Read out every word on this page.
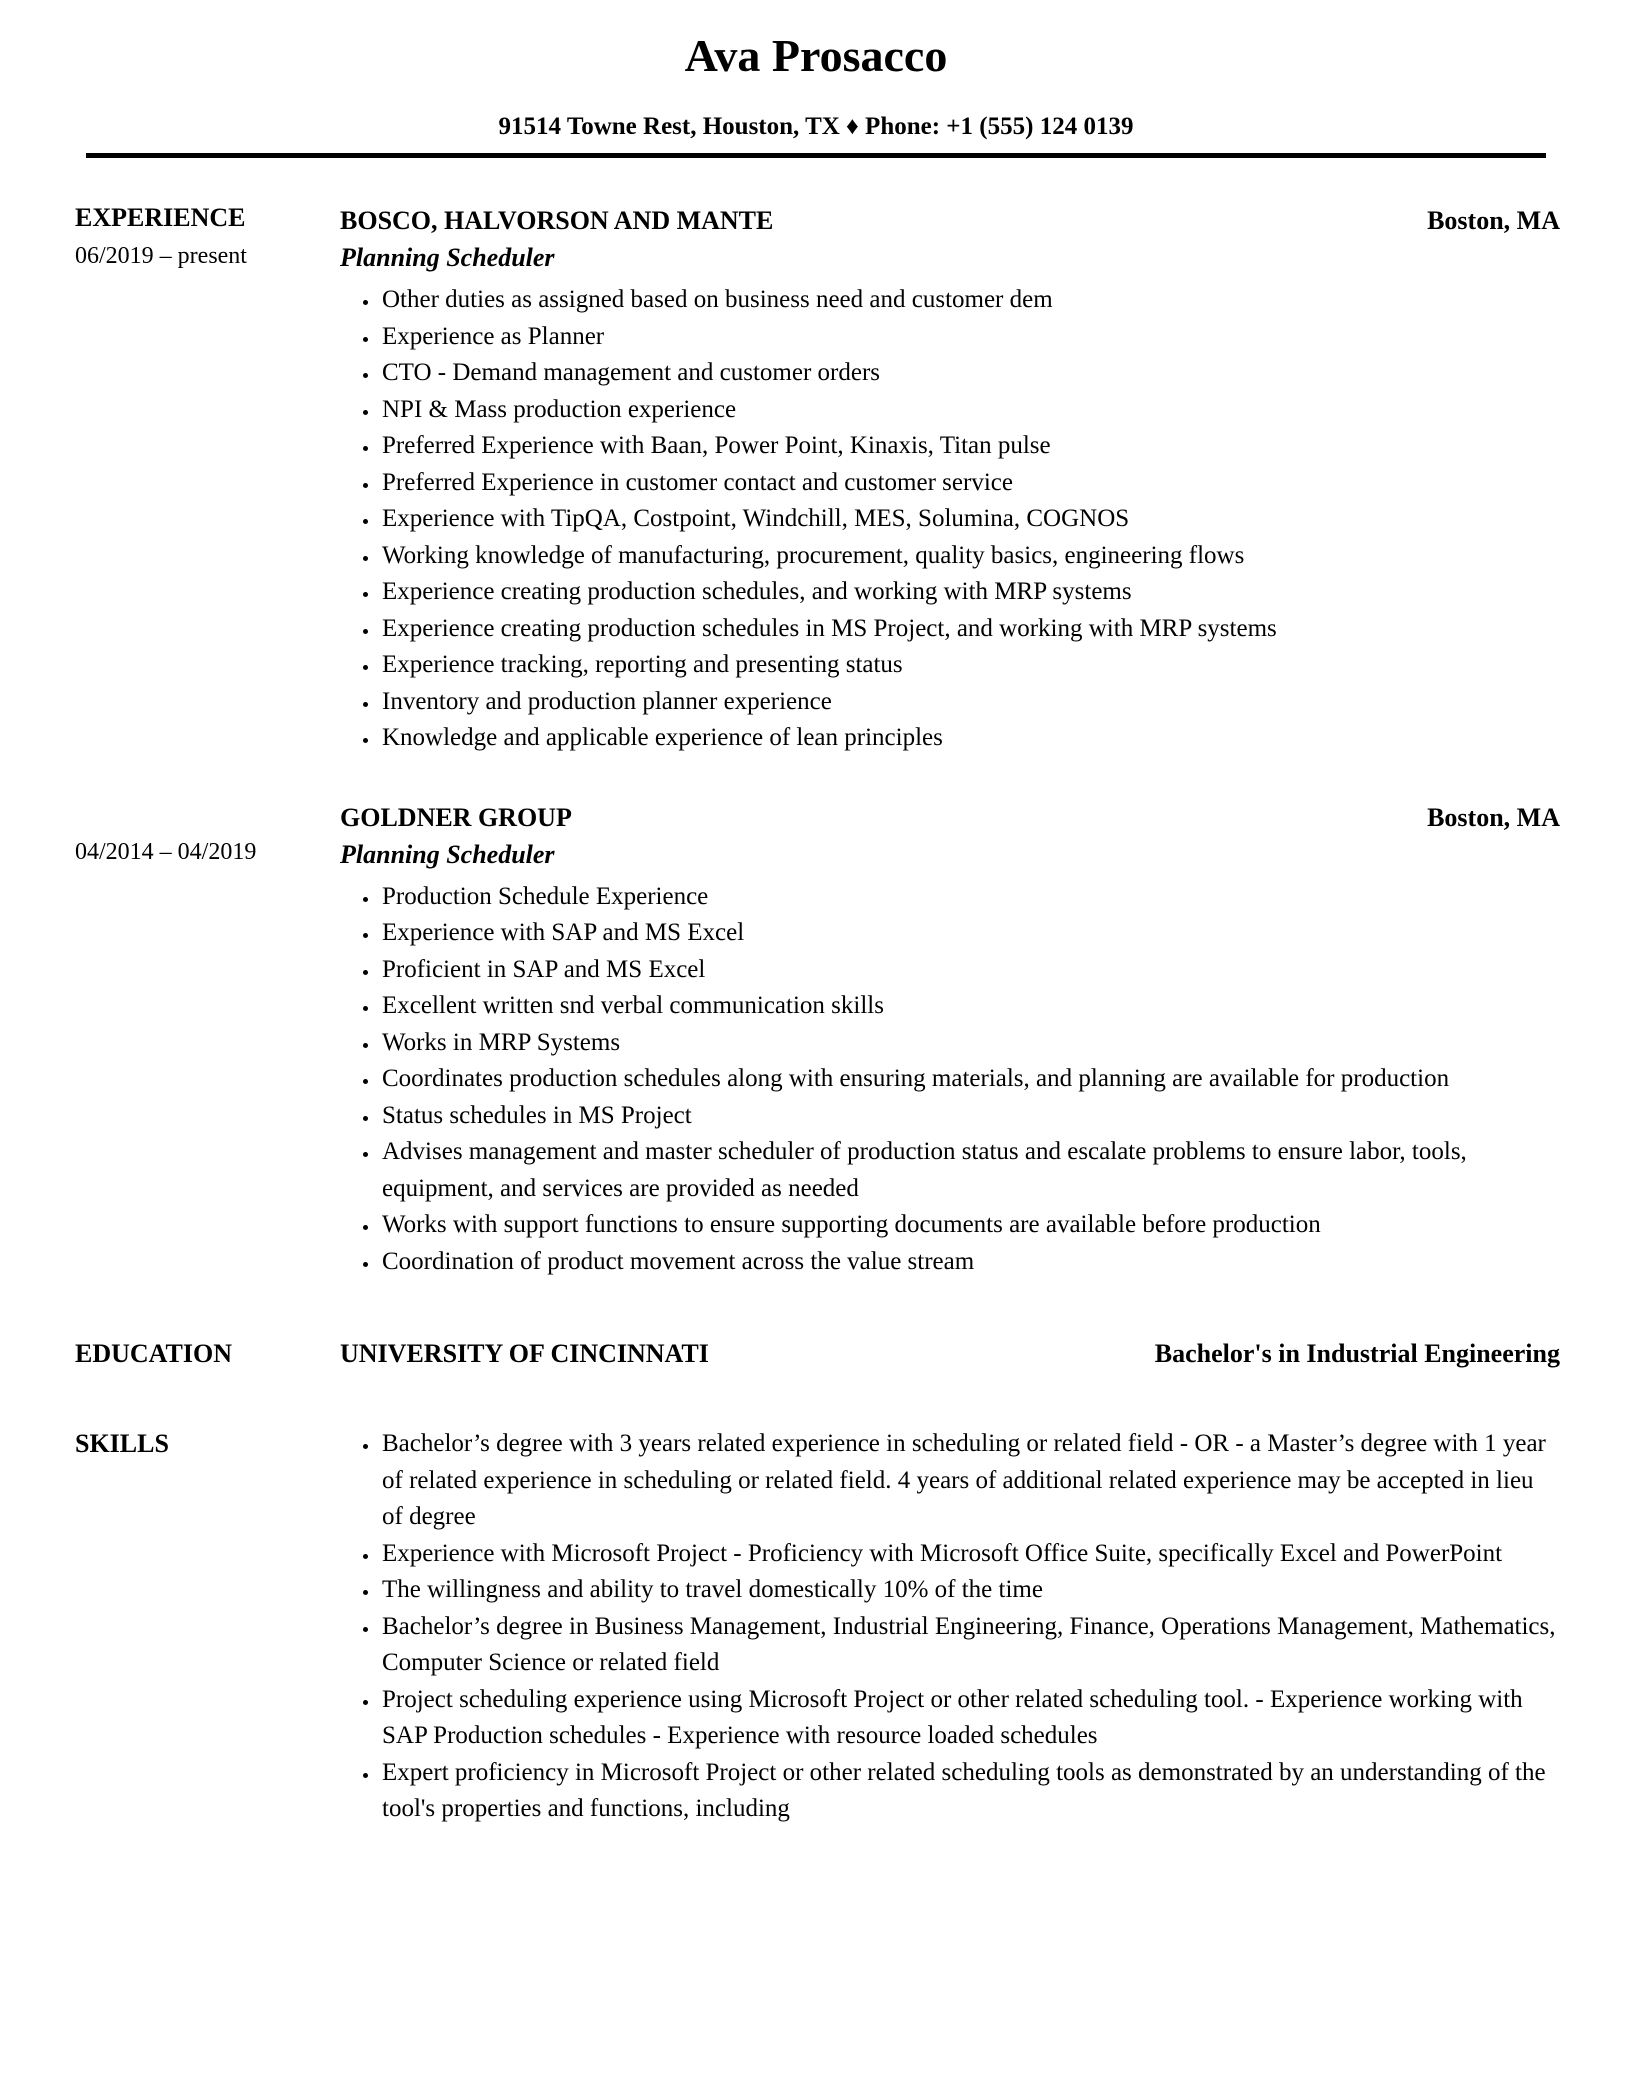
Ava Prosacco
91514 Towne Rest, Houston, TX ♦ Phone: +1 (555) 124 0139
EXPERIENCE
06/2019 – present
BOSCO, HALVORSON AND MANTE	Boston, MA
Planning Scheduler
• Other duties as assigned based on business need and customer dem
• Experience as Planner
• CTO - Demand management and customer orders
• NPI & Mass production experience
• Preferred Experience with Baan, Power Point, Kinaxis, Titan pulse
• Preferred Experience in customer contact and customer service
• Experience with TipQA, Costpoint, Windchill, MES, Solumina, COGNOS
• Working knowledge of manufacturing, procurement, quality basics, engineering flows
• Experience creating production schedules, and working with MRP systems
• Experience creating production schedules in MS Project, and working with MRP systems
• Experience tracking, reporting and presenting status
• Inventory and production planner experience
• Knowledge and applicable experience of lean principles
04/2014 – 04/2019
GOLDNER GROUP	Boston, MA
Planning Scheduler
• Production Schedule Experience
• Experience with SAP and MS Excel
• Proficient in SAP and MS Excel
• Excellent written snd verbal communication skills
• Works in MRP Systems
• Coordinates production schedules along with ensuring materials, and planning are available for production
• Status schedules in MS Project
• Advises management and master scheduler of production status and escalate problems to ensure labor, tools, equipment, and services are provided as needed
• Works with support functions to ensure supporting documents are available before production
• Coordination of product movement across the value stream
EDUCATION	UNIVERSITY OF CINCINNATI	Bachelor's in Industrial Engineering
SKILLS	• Bachelor’s degree with 3 years related experience in scheduling or related field - OR - a Master’s degree with 1 year of related experience in scheduling or related field. 4 years of additional related experience may be accepted in lieu of degree
• Experience with Microsoft Project - Proficiency with Microsoft Office Suite, specifically Excel and PowerPoint
• The willingness and ability to travel domestically 10% of the time
• Bachelor’s degree in Business Management, Industrial Engineering, Finance, Operations Management, Mathematics, Computer Science or related field
• Project scheduling experience using Microsoft Project or other related scheduling tool. - Experience working with SAP Production schedules - Experience with resource loaded schedules
• Expert proficiency in Microsoft Project or other related scheduling tools as demonstrated by an understanding of the tool's properties and functions, including
